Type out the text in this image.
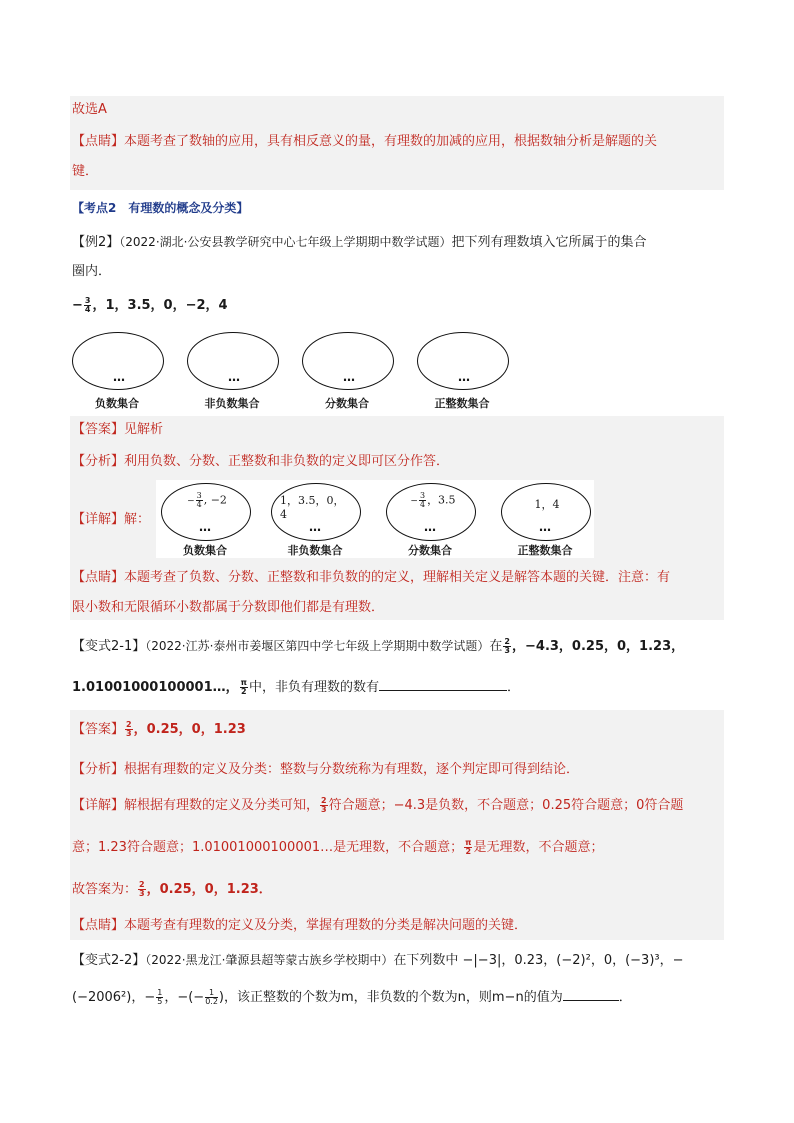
故选A
【点睛】本题考查了数轴的应用，具有相反意义的量，有理数的加减的应用，根据数轴分析是解题的关
键．
【考点2　有理数的概念及分类】
【例2】（2022·湖北·公安县教学研究中心七年级上学期期中数学试题）把下列有理数填入它所属于的集合
圈内．
− $\frac{3}{4}$ ，1，3.5，0，−2，4
…
负数集合
…
非负数集合
…
分数集合
…
正整数集合
【答案】见解析
【分析】利用负数、分数、正整数和非负数的定义即可区分作答．
【详解】解：
− $\frac{3}{4}$ , −2
…
负数集合
1，3.5，0，
4
…
非负数集合
− $\frac{3}{4}$ ，3.5
…
分数集合
1，4
…
正整数集合
【点睛】本题考查了负数、分数、正整数和非负数的的定义，理解相关定义是解答本题的关键．注意：有
限小数和无限循环小数都属于分数即他们都是有理数．
【变式2-1】（2022·江苏·泰州市姜堰区第四中学七年级上学期期中数学试题）在 $\frac{2}{3}$ ，−4.3，0.25，0，1.23，
1.01001000100001…， $\frac{\pi}{2}$ 中，非负有理数的数有	．
【答案】 $\frac{2}{3}$ ，0.25，0，1.23
【分析】根据有理数的定义及分类：整数与分数统称为有理数，逐个判定即可得到结论．
【详解】解根据有理数的定义及分类可知， $\frac{2}{3}$ 符合题意；−4.3是负数，不合题意；0.25符合题意；0符合题
意；1.23符合题意；1.01001000100001…是无理数，不合题意； $\frac{\pi}{2}$ 是无理数，不合题意；
故答案为： $\frac{2}{3}$ ，0.25，0，1.23．
【点睛】本题考查有理数的定义及分类，掌握有理数的分类是解决问题的关键．
【变式2-2】（2022·黑龙江·肇源县超等蒙古族乡学校期中）在下列数中 −|−3|，0.23，(−2)²，0，(−3)³，−
(−2006²)，− $\frac{1}{5}$ ，−(− $\frac{1}{0.2}$ )，该正整数的个数为m，非负数的个数为n，则m−n的值为	．
